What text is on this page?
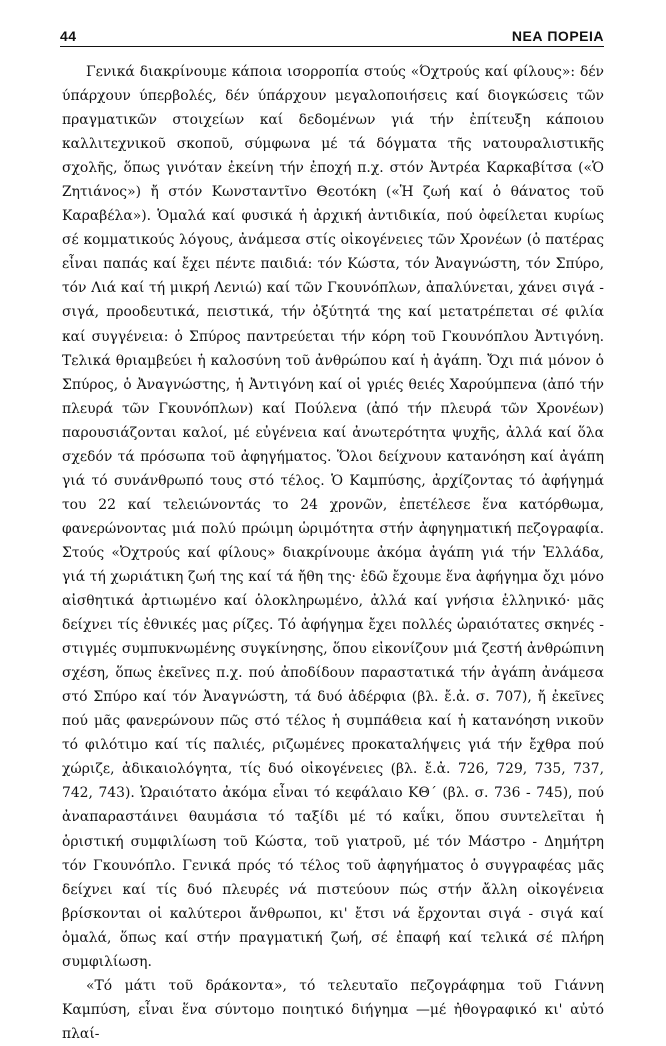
44	ΝΕΑ ΠΟΡΕΙΑ

Γενικά διακρίνουμε κάποια ισορροπία στούς «Όχτρούς καί φίλους»: δέν ύπάρχουν ύπερβολές, δέν ύπάρχουν μεγαλοποιήσεις καί διογκώσεις τῶν πραγματικῶν στοιχείων καί δεδομένων γιά τήν ἐπίτευξη κάποιου καλλιτεχνικοῦ σκοποῦ, σύμφωνα μέ τά δόγματα τῆς νατουραλιστικῆς σχολῆς, ὅπως γινόταν ἐκείνη τήν ἐποχή π.χ. στόν Ἀντρέα Καρκαβίτσα («Ὁ Ζητιάνος») ἤ στόν Κωνσταντῖνο Θεοτόκη («Ἡ ζωή καί ὁ θάνατος τοῦ Καραβέλα»). Ὁμαλά καί φυσικά ἡ ἀρχική ἀντιδικία, πού ὀφείλεται κυρίως σέ κομματικούς λόγους, ἀνάμεσα στίς οἰκογένειες τῶν Χρονέων (ὁ πατέρας εἶναι παπάς καί ἔχει πέντε παιδιά: τόν Κώστα, τόν Ἀναγνώστη, τόν Σπύρο, τόν Λιά καί τή μικρή Λενιώ) καί τῶν Γκουνόπλων, ἀπαλύνεται, χάνει σιγά - σιγά, προοδευτικά, πειστικά, τήν ὀξύτητά της καί μετατρέπεται σέ φιλία καί συγγένεια: ὁ Σπύρος παντρεύεται τήν κόρη τοῦ Γκουνόπλου Ἀντιγόνη. Τελικά θριαμβεύει ἡ καλοσύνη τοῦ ἀνθρώπου καί ἡ ἀγάπη. Ὄχι πιά μόνον ὁ Σπύρος, ὁ Ἀναγνώστης, ἡ Ἀντιγόνη καί οἱ γριές θειές Χαρούμπενα (ἀπό τήν πλευρά τῶν Γκουνόπλων) καί Πούλενα (ἀπό τήν πλευρά τῶν Χρονέων) παρουσιάζονται καλοί, μέ εὐγένεια καί ἀνωτερότητα ψυχῆς, ἀλλά καί ὅλα σχεδόν τά πρόσωπα τοῦ ἀφηγήματος. Ὅλοι δείχνουν κατανόηση καί ἀγάπη γιά τό συνάνθρωπό τους στό τέλος. Ὁ Καμπύσης, ἀρχίζοντας τό ἀφήγημά του 22 καί τελειώνοντάς το 24 χρονῶν, ἐπετέλεσε ἕνα κατόρθωμα, φανερώνοντας μιά πολύ πρώιμη ὡριμότητα στήν ἀφηγηματική πεζογραφία. Στούς «Ὀχτρούς καί φίλους» διακρίνουμε ἀκόμα ἀγάπη γιά τήν Ἑλλάδα, γιά τή χωριάτικη ζωή της καί τά ἤθη της· ἐδῶ ἔχουμε ἕνα ἀφήγημα ὄχι μόνο αἰσθητικά ἀρτιωμένο καί ὁλοκληρωμένο, ἀλλά καί γνήσια ἑλληνικό· μᾶς δείχνει τίς ἐθνικές μας ρίζες. Τό ἀφήγημα ἔχει πολλές ὡραιότατες σκηνές - στιγμές συμπυκνωμένης συγκίνησης, ὅπου εἰκονίζουν μιά ζεστή ἀνθρώπινη σχέση, ὅπως ἐκεῖνες π.χ. πού ἀποδίδουν παραστατικά τήν ἀγάπη ἀνάμεσα στό Σπύρο καί τόν Ἀναγνώστη, τά δυό ἀδέρφια (βλ. ἔ.ἀ. σ. 707), ἤ ἐκεῖνες πού μᾶς φανερώνουν πῶς στό τέλος ἡ συμπάθεια καί ἡ κατανόηση νικοῦν τό φιλότιμο καί τίς παλιές, ριζωμένες προκαταλήψεις γιά τήν ἔχθρα πού χώριζε, ἀδικαιολόγητα, τίς δυό οἰκογένειες (βλ. ἔ.ἀ. 726, 729, 735, 737, 742, 743). Ὡραιότατο ἀκόμα εἶναι τό κεφάλαιο ΚΘ΄ (βλ. σ. 736 - 745), πού ἀναπαραστάινει θαυμάσια τό ταξίδι μέ τό καΐκι, ὅπου συντελεῖται ἡ ὁριστική συμφιλίωση τοῦ Κώστα, τοῦ γιατροῦ, μέ τόν Μάστρο - Δημήτρη τόν Γκουνόπλο. Γενικά πρός τό τέλος τοῦ ἀφηγήματος ὁ συγγραφέας μᾶς δείχνει καί τίς δυό πλευρές νά πιστεύουν πώς στήν ἄλλη οἰκογένεια βρίσκονται οἱ καλύτεροι ἄνθρωποι, κι' ἔτσι νά ἔρχονται σιγά - σιγά καί ὁμαλά, ὅπως καί στήν πραγματική ζωή, σέ ἐπαφή καί τελικά σέ πλήρη συμφιλίωση.

«Τό μάτι τοῦ δράκοντα», τό τελευταῖο πεζογράφημα τοῦ Γιάννη Καμπύση, εἶναι ἕνα σύντομο ποιητικό διήγημα —μέ ἠθογραφικό κι' αὐτό πλαί-
